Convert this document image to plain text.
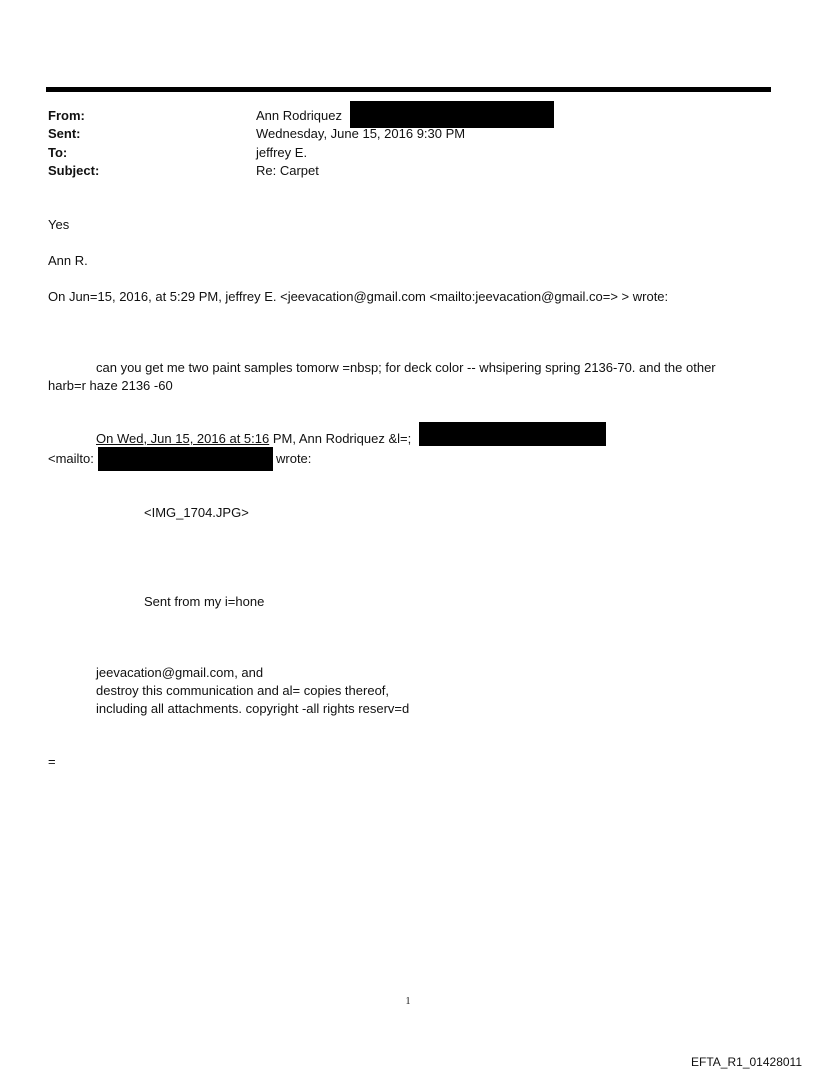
From:	Ann Rodriquez
Sent:	Wednesday, June 15, 2016 9:30 PM
To:	jeffrey E.
Subject:	Re: Carpet
Yes
Ann R.
On Jun=15, 2016, at 5:29 PM, jeffrey E. <jeevacation@gmail.com <mailto:jeevacation@gmail.co=> > wrote:
can you get me two paint samples tomorw =nbsp; for deck color -- whsipering spring 2136-70. and the other
harb=r haze 2136 -60
On Wed, Jun 15, 2016 at 5:16 PM, Ann Rodriquez &l=;
<mailto:	wrote:
<IMG_1704.JPG>
Sent from my i=hone
jeevacation@gmail.com, and
destroy this communication and al= copies thereof,
including all attachments. copyright -all rights reserv=d
=
1
EFTA_R1_01428011
